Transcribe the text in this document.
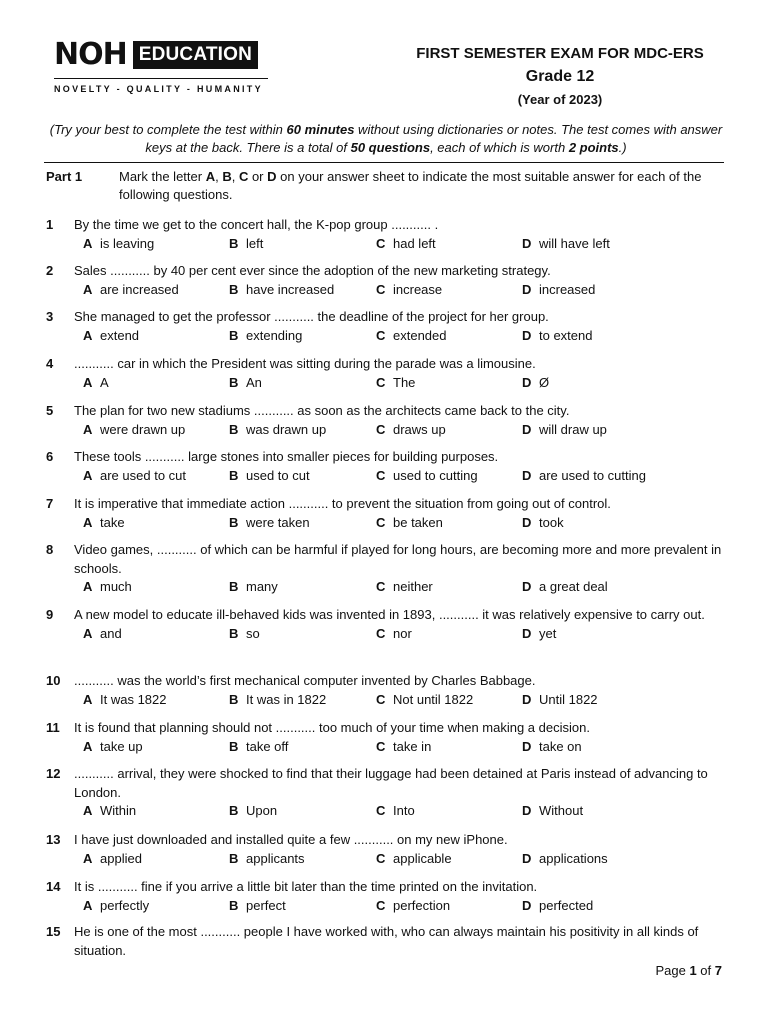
NOH EDUCATION
NOVELTY - QUALITY - HUMANITY
FIRST SEMESTER EXAM FOR MDC-ERS
Grade 12
(Year of 2023)
(Try your best to complete the test within 60 minutes without using dictionaries or notes. The test comes with answer keys at the back. There is a total of 50 questions, each of which is worth 2 points.)
Part 1	Mark the letter A, B, C or D on your answer sheet to indicate the most suitable answer for each of the following questions.
1 By the time we get to the concert hall, the K-pop group ........... .
A is leaving	B left	C had left	D will have left
2 Sales ........... by 40 per cent ever since the adoption of the new marketing strategy.
A are increased	B have increased	C increase	D increased
3 She managed to get the professor ........... the deadline of the project for her group.
A extend	B extending	C extended	D to extend
4 ........... car in which the President was sitting during the parade was a limousine.
A A	B An	C The	D Ø
5 The plan for two new stadiums ........... as soon as the architects came back to the city.
A were drawn up	B was drawn up	C draws up	D will draw up
6 These tools ........... large stones into smaller pieces for building purposes.
A are used to cut	B used to cut	C used to cutting	D are used to cutting
7 It is imperative that immediate action ........... to prevent the situation from going out of control.
A take	B were taken	C be taken	D took
8 Video games, ........... of which can be harmful if played for long hours, are becoming more and more prevalent in schools.
A much	B many	C neither	D a great deal
9 A new model to educate ill-behaved kids was invented in 1893, ........... it was relatively expensive to carry out.
A and	B so	C nor	D yet
10 ........... was the world’s first mechanical computer invented by Charles Babbage.
A It was 1822	B It was in 1822	C Not until 1822	D Until 1822
11 It is found that planning should not ........... too much of your time when making a decision.
A take up	B take off	C take in	D take on
12 ........... arrival, they were shocked to find that their luggage had been detained at Paris instead of advancing to London.
A Within	B Upon	C Into	D Without
13 I have just downloaded and installed quite a few ........... on my new iPhone.
A applied	B applicants	C applicable	D applications
14 It is ........... fine if you arrive a little bit later than the time printed on the invitation.
A perfectly	B perfect	C perfection	D perfected
15 He is one of the most ........... people I have worked with, who can always maintain his positivity in all kinds of situation.
Page 1 of 7
